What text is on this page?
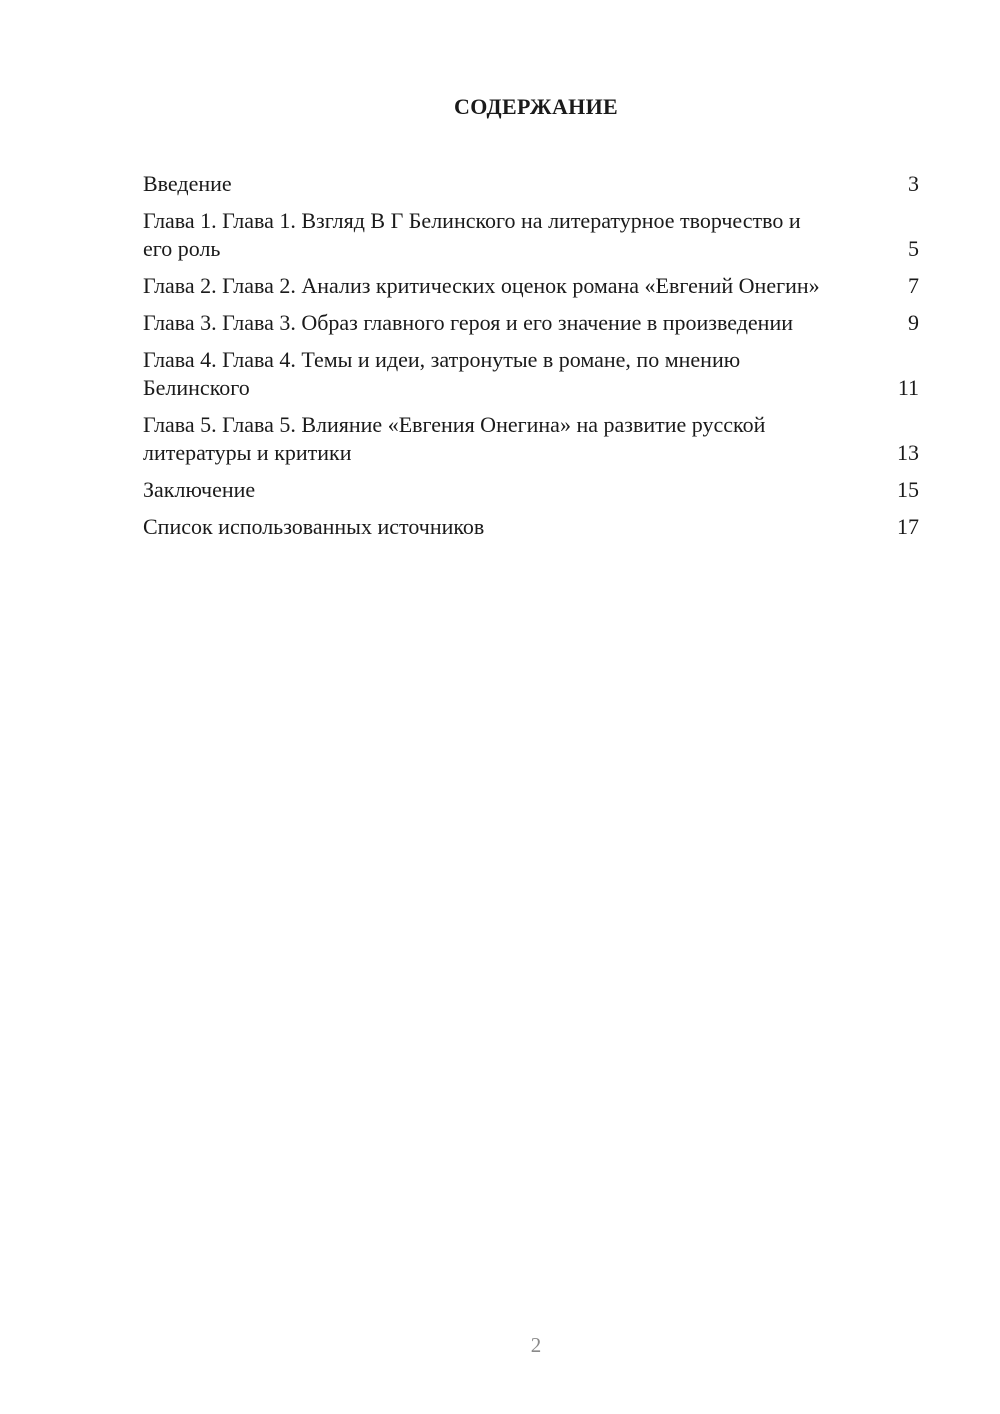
СОДЕРЖАНИЕ
Введение	3
Глава 1. Глава 1. Взгляд В Г Белинского на литературное творчество и его роль	5
Глава 2. Глава 2. Анализ критических оценок романа «Евгений Онегин»	7
Глава 3. Глава 3. Образ главного героя и его значение в произведении	9
Глава 4. Глава 4. Темы и идеи, затронутые в романе, по мнению Белинского	11
Глава 5. Глава 5. Влияние «Евгения Онегина» на развитие русской литературы и критики	13
Заключение	15
Список использованных источников	17
2
